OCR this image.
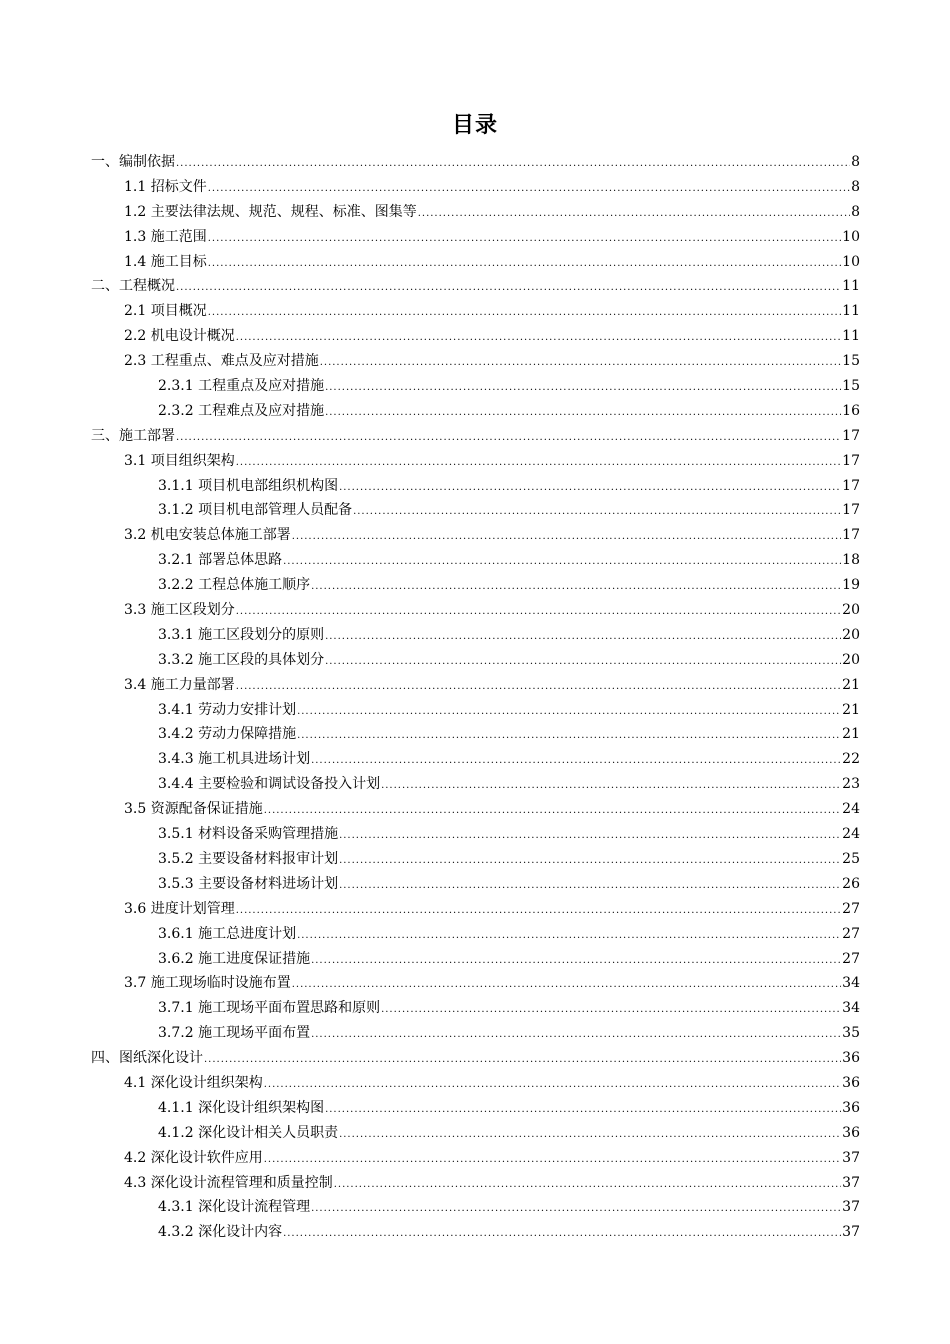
目录
一、编制依据 .....	8
1.1 招标文件 .....	8
1.2 主要法律法规、规范、规程、标准、图集等 .....	8
1.3 施工范围 .....	10
1.4 施工目标 .....	10
二、工程概况 .....	11
2.1 项目概况 .....	11
2.2 机电设计概况 .....	11
2.3 工程重点、难点及应对措施 .....	15
2.3.1 工程重点及应对措施 .....	15
2.3.2 工程难点及应对措施 .....	16
三、施工部署 .....	17
3.1 项目组织架构 .....	17
3.1.1 项目机电部组织机构图 .....	17
3.1.2 项目机电部管理人员配备 .....	17
3.2 机电安装总体施工部署 .....	17
3.2.1 部署总体思路 .....	18
3.2.2 工程总体施工顺序 .....	19
3.3 施工区段划分 .....	20
3.3.1 施工区段划分的原则 .....	20
3.3.2 施工区段的具体划分 .....	20
3.4 施工力量部署 .....	21
3.4.1 劳动力安排计划 .....	21
3.4.2 劳动力保障措施 .....	21
3.4.3 施工机具进场计划 .....	22
3.4.4 主要检验和调试设备投入计划 .....	23
3.5 资源配备保证措施 .....	24
3.5.1 材料设备采购管理措施 .....	24
3.5.2 主要设备材料报审计划 .....	25
3.5.3 主要设备材料进场计划 .....	26
3.6 进度计划管理 .....	27
3.6.1 施工总进度计划 .....	27
3.6.2 施工进度保证措施 .....	27
3.7 施工现场临时设施布置 .....	34
3.7.1 施工现场平面布置思路和原则 .....	34
3.7.2 施工现场平面布置 .....	35
四、图纸深化设计 .....	36
4.1 深化设计组织架构 .....	36
4.1.1 深化设计组织架构图 .....	36
4.1.2 深化设计相关人员职责 .....	36
4.2 深化设计软件应用 .....	37
4.3 深化设计流程管理和质量控制 .....	37
4.3.1 深化设计流程管理 .....	37
4.3.2 深化设计内容 .....	37
